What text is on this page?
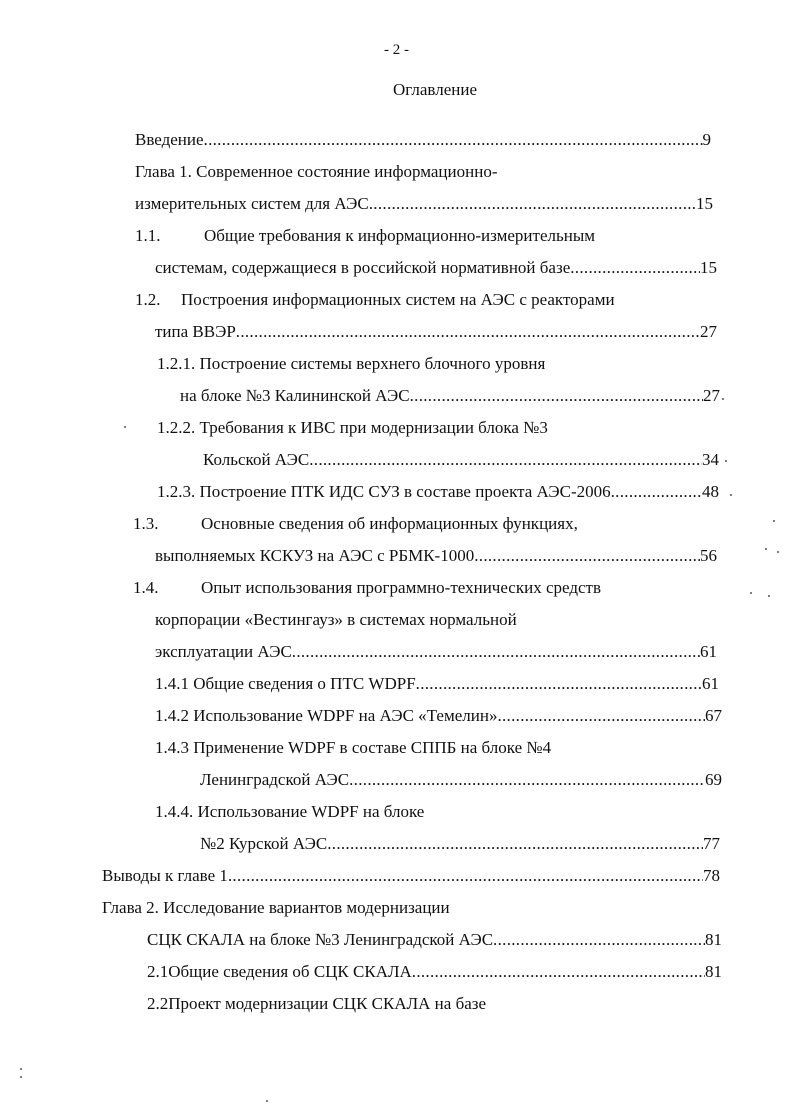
- 2 -
Оглавление
Введение .....	9
Глава 1. Современное состояние информационно-
измерительных систем для АЭС .....	15
1.1.	Общие требования к информационно-измерительным
системам, содержащиеся в российской нормативной базе .....	15
1.2. Построения информационных систем на АЭС с реакторами
типа ВВЭР .....	27
1.2.1. Построение системы верхнего блочного уровня
на блоке №3 Калининской АЭС .....	27
1.2.2. Требования к ИВС при модернизации блока №3
Кольской АЭС .....	34
1.2.3. Построение ПТК ИДС СУЗ в составе проекта АЭС-2006 .....	48
1.3.	Основные сведения об информационных функциях,
выполняемых КСКУЗ на АЭС с РБМК-1000 .....	56
1.4.	Опыт использования программно-технических средств
корпорации «Вестингауз» в системах нормальной
эксплуатации АЭС .....	61
1.4.1 Общие сведения о ПТС WDPF .....	61
1.4.2 Использование WDPF на АЭС «Темелин» .....	67
1.4.3 Применение WDPF в составе СППБ на блоке №4
Ленинградской АЭС .....	69
1.4.4. Использование WDPF на блоке
№2 Курской АЭС .....	77
Выводы к главе 1 .....	78
Глава 2. Исследование вариантов модернизации
СЦК СКАЛА на блоке №3 Ленинградской АЭС .....	81
2.1Общие сведения об СЦК СКАЛА .....	81
2.2Проект модернизации СЦК СКАЛА на базе
